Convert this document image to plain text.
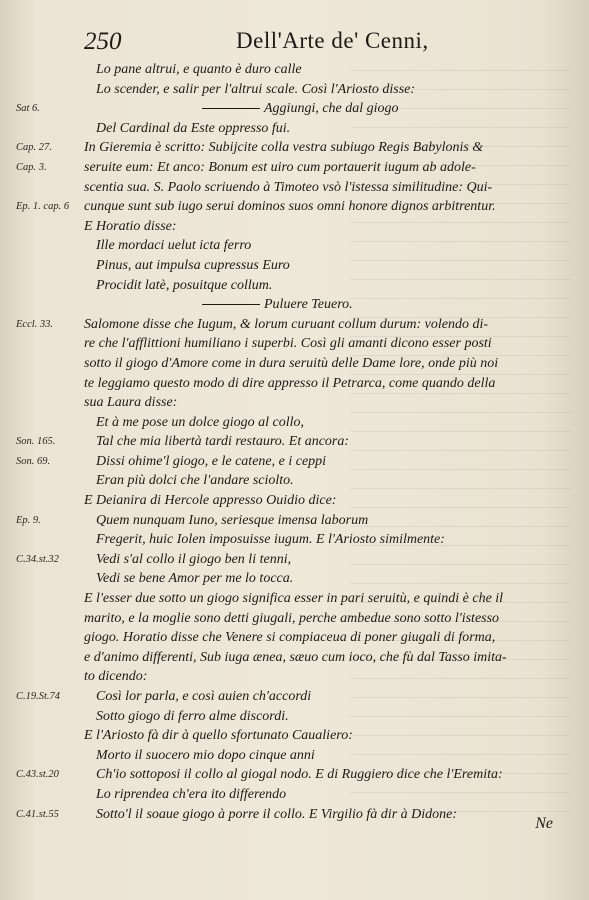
250	Dell'Arte de' Cenni,
Lo pane altrui, e quanto è duro calle
Lo scender, e salir per l'altrui scale. Così l'Ariosto disse:
Sat 6.	Aggiungi, che dal giogo
Del Cardinal da Este oppresso fui.
Cap. 27.	In Gieremia è scritto: Subijcite colla vestra subiugo Regis Babylonis &
Cap. 3.	seruite eum: Et anco: Bonum est uiro cum portauerit iugum ab adole-
scentia sua. S. Paolo scriuendo à Timoteo vsò l'istessa similitudine: Qui-
Ep. 1. cap. 6	cunque sunt sub iugo serui dominos suos omni honore dignos arbitrentur.
E Horatio disse:
Ille mordaci uelut icta ferro
Pinus, aut impulsa cupressus Euro
Procidit latè, posuitque collum.
Puluere Teuero.
Eccl. 33.	Salomone disse che Iugum, & lorum curuant collum durum: volendo di-
re che l'afflittioni humiliano i superbi. Così gli amanti dicono esser posti
sotto il giogo d'Amore come in dura seruitù delle Dame lore, onde più noi
te leggiamo questo modo di dire appresso il Petrarca, come quando della
sua Laura disse:
Et à me pose un dolce giogo al collo,
Son. 165.	Tal che mia libertà tardi restauro. Et ancora:
Son. 69.	Dissi ohime'l giogo, e le catene, e i ceppi
Eran più dolci che l'andare sciolto.
E Deianira di Hercole appresso Ouidio dice:
Ep. 9.	Quem nunquam Iuno, seriesque imensa laborum
Fregerit, huic Iolen imposuisse iugum. E l'Ariosto similmente:
C.34.st.32	Vedi s'al collo il giogo ben li tenni,
Vedi se bene Amor per me lo tocca.
E l'esser due sotto un giogo significa esser in pari seruitù, e quindi è che il
marito, e la moglie sono detti giugali, perche ambedue sono sotto l'istesso
giogo. Horatio disse che Venere si compiaceua di poner giugali di forma,
e d'animo differenti, Sub iuga ænea, sæuo cum ioco, che fù dal Tasso imita-
to dicendo:
C.19.St.74	Così lor parla, e così auien ch'accordi
Sotto giogo di ferro alme discordi.
E l'Ariosto fà dir à quello sfortunato Caualiero:
Morto il suocero mio dopo cinque anni
C.43.st.20	Ch'io sottoposi il collo al giogal nodo. E di Ruggiero dice che l'Eremita:
Lo riprendea ch'era ito differendo
C.41.st.55	Sotto'l il soaue giogo à porre il collo. E Virgilio fà dir à Didone:
Ne
